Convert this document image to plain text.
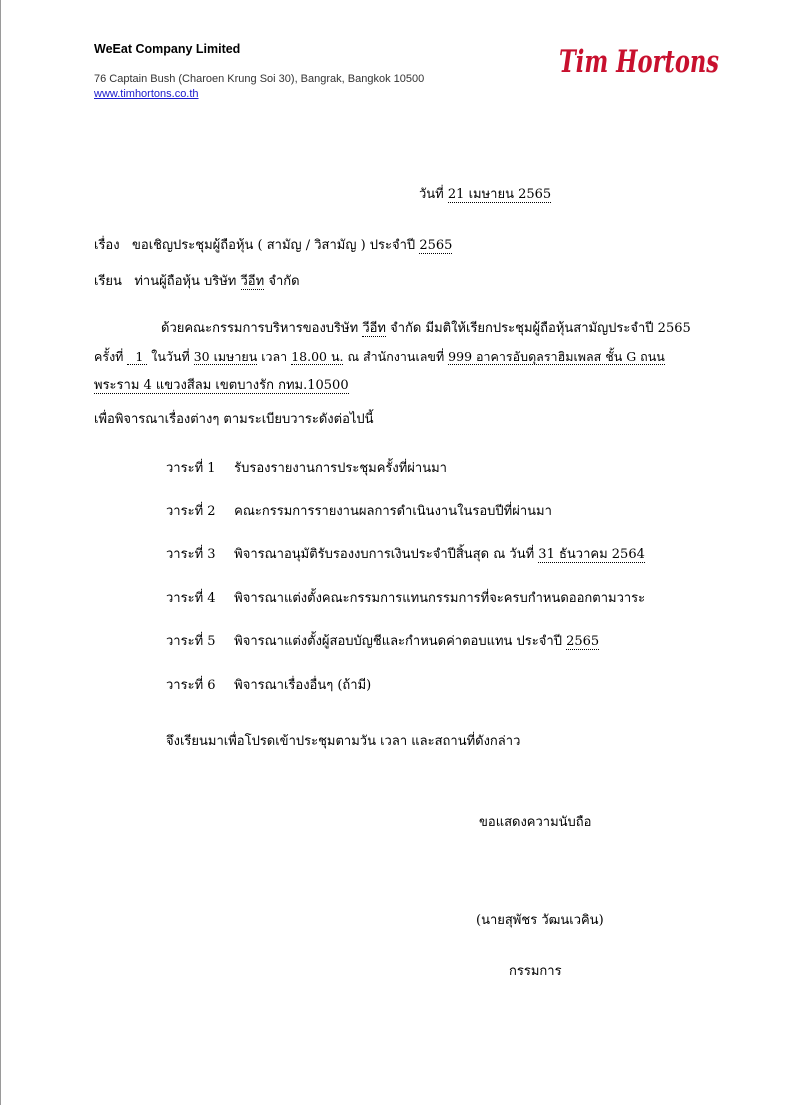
WeEat Company Limited
76 Captain Bush (Charoen Krung Soi 30), Bangrak, Bangkok 10500
www.timhortons.co.th
Tim Hortons
วันที่ 21 เมษายน 2565
เรื่อง ขอเชิญประชุมผู้ถือหุ้น ( สามัญ / วิสามัญ ) ประจำปี 2565
เรียน ท่านผู้ถือหุ้น บริษัท วีอีท จำกัด
ด้วยคณะกรรมการบริหารของบริษัท วีอีท จำกัด มีมติให้เรียกประชุมผู้ถือหุ้นสามัญประจำปี 2565
ครั้งที่ 1 ในวันที่ 30 เมษายน เวลา 18.00 น. ณ สำนักงานเลขที่ 999 อาคารอับดุลราฮิมเพลส ชั้น G ถนน
พระราม 4 แขวงสีลม เขตบางรัก กทม.10500
เพื่อพิจารณาเรื่องต่างๆ ตามระเบียบวาระดังต่อไปนี้
วาระที่ 1 รับรองรายงานการประชุมครั้งที่ผ่านมา
วาระที่ 2 คณะกรรมการรายงานผลการดำเนินงานในรอบปีที่ผ่านมา
วาระที่ 3 พิจารณาอนุมัติรับรองงบการเงินประจำปีสิ้นสุด ณ วันที่ 31 ธันวาคม 2564
วาระที่ 4 พิจารณาแต่งตั้งคณะกรรมการแทนกรรมการที่จะครบกำหนดออกตามวาระ
วาระที่ 5 พิจารณาแต่งตั้งผู้สอบบัญชีและกำหนดค่าตอบแทน ประจำปี 2565
วาระที่ 6 พิจารณาเรื่องอื่นๆ (ถ้ามี)
จึงเรียนมาเพื่อโปรดเข้าประชุมตามวัน เวลา และสถานที่ดังกล่าว
ขอแสดงความนับถือ
(นายสุพัชร วัฒนเวคิน)
กรรมการ
